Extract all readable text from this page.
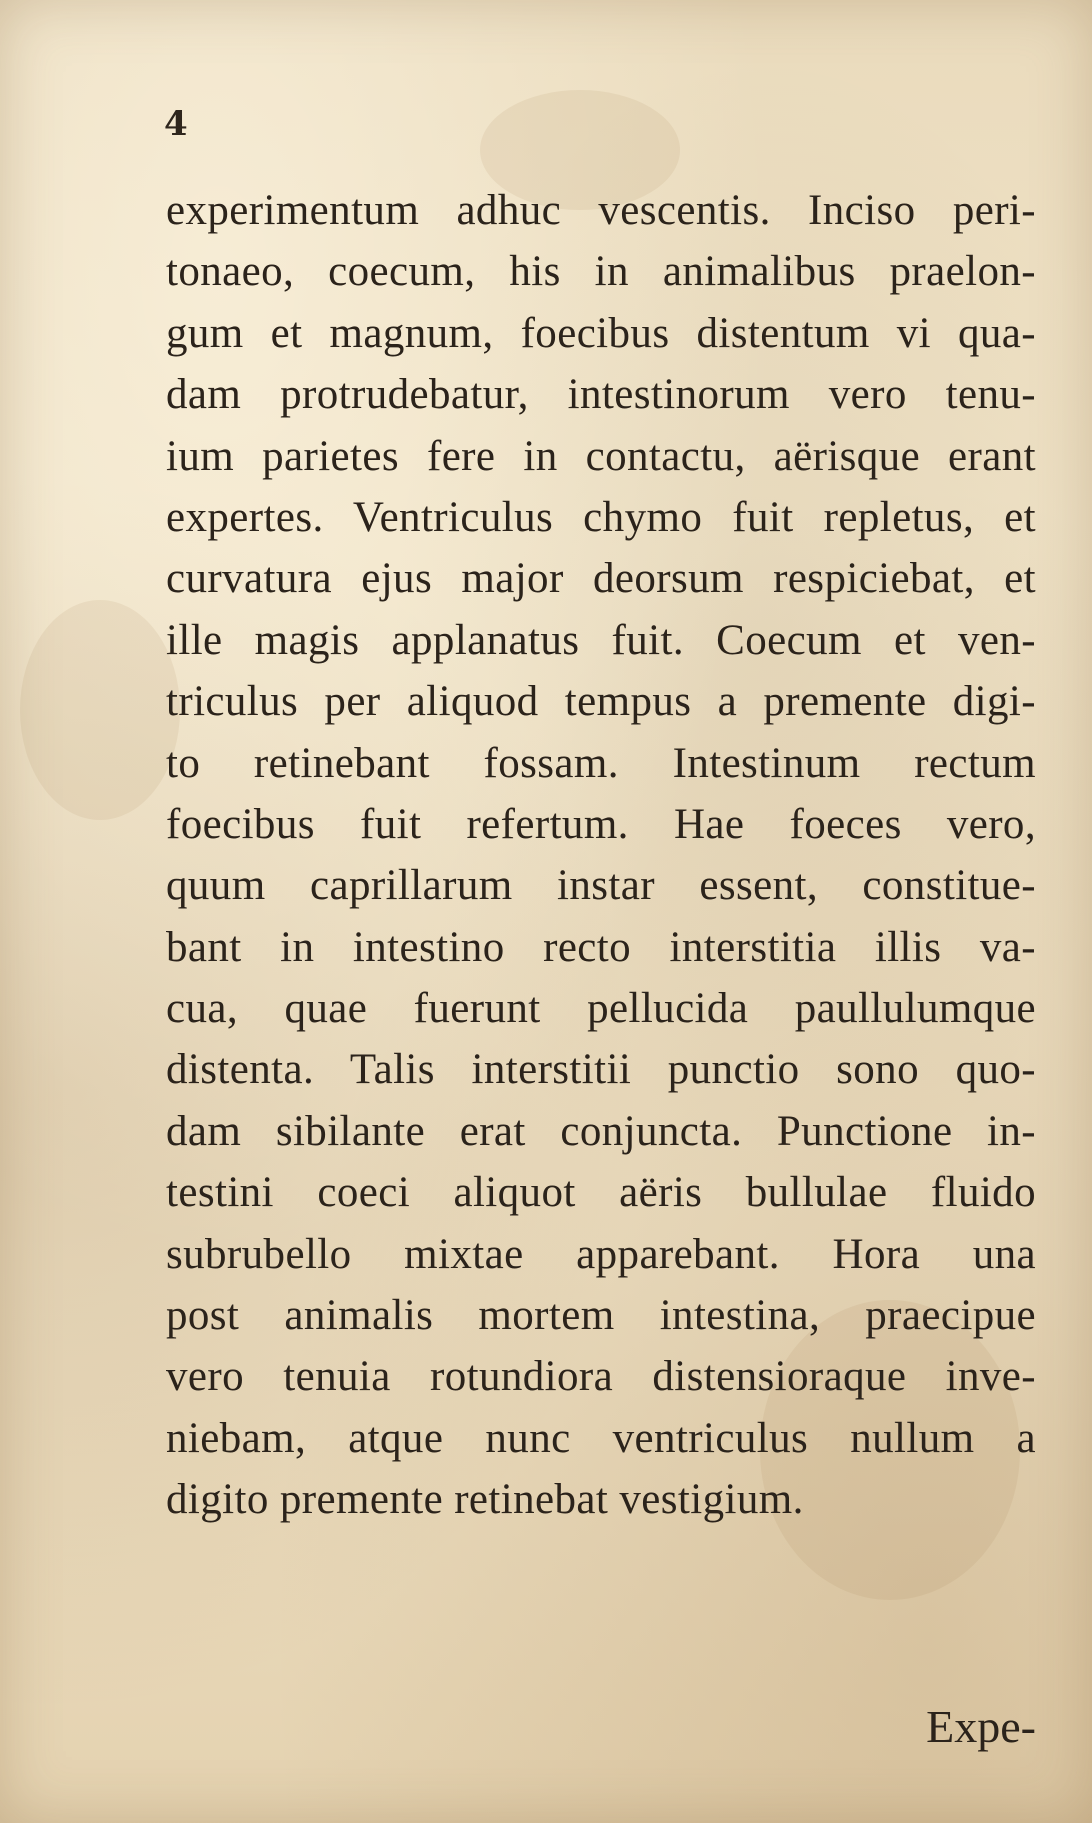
4
experimentum adhuc vescentis. Inciso peri-
tonaeo, coecum, his in animalibus praelon-
gum et magnum, foecibus distentum vi qua-
dam protrudebatur, intestinorum vero tenu-
ium parietes fere in contactu, aërisque erant
expertes. Ventriculus chymo fuit repletus, et
curvatura ejus major deorsum respiciebat, et
ille magis applanatus fuit. Coecum et ven-
triculus per aliquod tempus a premente digi-
to retinebant fossam. Intestinum rectum
foecibus fuit refertum. Hae foeces vero,
quum caprillarum instar essent, constitue-
bant in intestino recto interstitia illis va-
cua, quae fuerunt pellucida paullulumque
distenta. Talis interstitii punctio sono quo-
dam sibilante erat conjuncta. Punctione in-
testini coeci aliquot aëris bullulae fluido
subrubello mixtae apparebant. Hora una
post animalis mortem intestina, praecipue
vero tenuia rotundiora distensioraque inve-
niebam, atque nunc ventriculus nullum a
digito premente retinebat vestigium.
Expe-
